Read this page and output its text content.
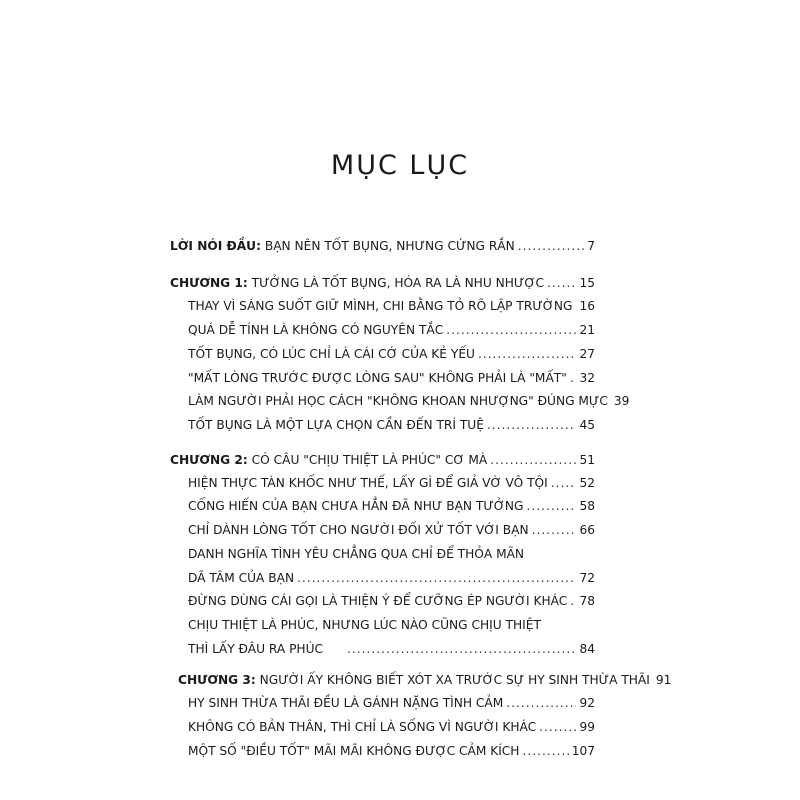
MỤC LỤC
LỜI NÓI ĐẦU: BẠN NÊN TỐT BỤNG, NHƯNG CỨNG RẮN .....	7
CHƯƠNG 1: TƯỞNG LÀ TỐT BỤNG, HÓA RA LÀ NHU NHƯỢC .....	15
THAY VÌ SÁNG SUỐT GIỮ MÌNH, CHI BẰNG TỎ RÕ LẬP TRƯỜNG ..... 16
QUÁ DỄ TÍNH LÀ KHÔNG CÓ NGUYÊN TẮC .....	21
TỐT BỤNG, CÓ LÚC CHỈ LÀ CÁI CỚ CỦA KẺ YẾU .....	27
"MẤT LÒNG TRƯỚC ĐƯỢC LÒNG SAU" KHÔNG PHẢI LÀ "MẤT" ..... 32
LÀM NGƯỜI PHẢI HỌC CÁCH "KHÔNG KHOAN NHƯỢNG" ĐÚNG MỰC 39
TỐT BỤNG LÀ MỘT LỰA CHỌN CẦN ĐẾN TRÍ TUỆ .....	45
CHƯƠNG 2: CÓ CÂU "CHỊU THIỆT LÀ PHÚC" CƠ MÀ .....	51
HIỆN THỰC TÀN KHỐC NHƯ THẾ, LẤY GÌ ĐỂ GIẢ VỜ VÔ TỘI .....	52
CỐNG HIẾN CỦA BẠN CHƯA HẲN ĐÃ NHƯ BẠN TƯỞNG .....	58
CHỈ DÀNH LÒNG TỐT CHO NGƯỜI ĐỐI XỬ TỐT VỚI BẠN .....	66
DANH NGHĨA TÌNH YÊU CHẲNG QUA CHỈ ĐỂ THỎA MÃN
DÃ TÂM CỦA BẠN .....	72
ĐỪNG DÙNG CÁI GỌI LÀ THIỆN Ý ĐỂ CƯỠNG ÉP NGƯỜI KHÁC ..... 78
CHỊU THIỆT LÀ PHÚC, NHƯNG LÚC NÀO CŨNG CHỊU THIỆT
THÌ LẤY ĐÂU RA PHÚC .....	84
CHƯƠNG 3: NGƯỜI ẤY KHÔNG BIẾT XÓT XA TRƯỚC SỰ HY SINH THỪA THÃI 91
HY SINH THỪA THÃI ĐỀU LÀ GÁNH NẶNG TÌNH CẢM .....	92
KHÔNG CÓ BẢN THÂN, THÌ CHỈ LÀ SỐNG VÌ NGƯỜI KHÁC .....	99
MỘT SỐ "ĐIỀU TỐT" MÃI MÃI KHÔNG ĐƯỢC CẢM KÍCH .....	107
